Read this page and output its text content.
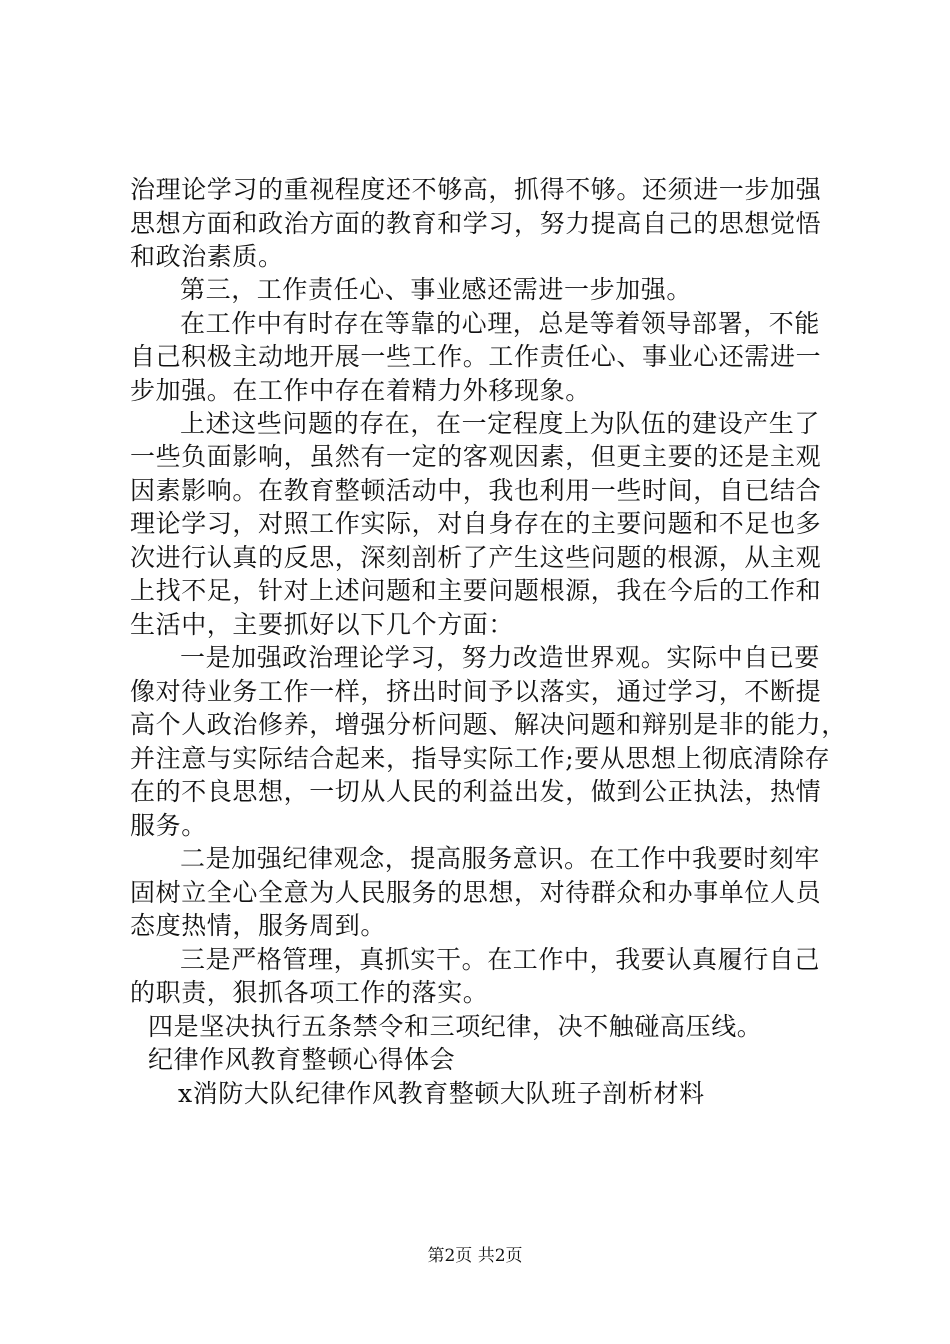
治理论学习的重视程度还不够高，抓得不够。还须进一步加强
思想方面和政治方面的教育和学习，努力提高自己的思想觉悟
和政治素质。
第三，工作责任心、事业感还需进一步加强。
在工作中有时存在等靠的心理，总是等着领导部署，不能
自己积极主动地开展一些工作。工作责任心、事业心还需进一
步加强。在工作中存在着精力外移现象。
上述这些问题的存在，在一定程度上为队伍的建设产生了
一些负面影响，虽然有一定的客观因素，但更主要的还是主观
因素影响。在教育整顿活动中，我也利用一些时间，自已结合
理论学习，对照工作实际，对自身存在的主要问题和不足也多
次进行认真的反思，深刻剖析了产生这些问题的根源，从主观
上找不足，针对上述问题和主要问题根源，我在今后的工作和
生活中，主要抓好以下几个方面：
一是加强政治理论学习，努力改造世界观。实际中自已要
像对待业务工作一样，挤出时间予以落实，通过学习，不断提
高个人政治修养，增强分析问题、解决问题和辩别是非的能力，
并注意与实际结合起来，指导实际工作;要从思想上彻底清除存
在的不良思想，一切从人民的利益出发，做到公正执法，热情
服务。
二是加强纪律观念，提高服务意识。在工作中我要时刻牢
固树立全心全意为人民服务的思想，对待群众和办事单位人员
态度热情，服务周到。
三是严格管理，真抓实干。在工作中，我要认真履行自己
的职责，狠抓各项工作的落实。
四是坚决执行五条禁令和三项纪律，决不触碰高压线。
纪律作风教育整顿心得体会
x消防大队纪律作风教育整顿大队班子剖析材料
第2页 共2页
